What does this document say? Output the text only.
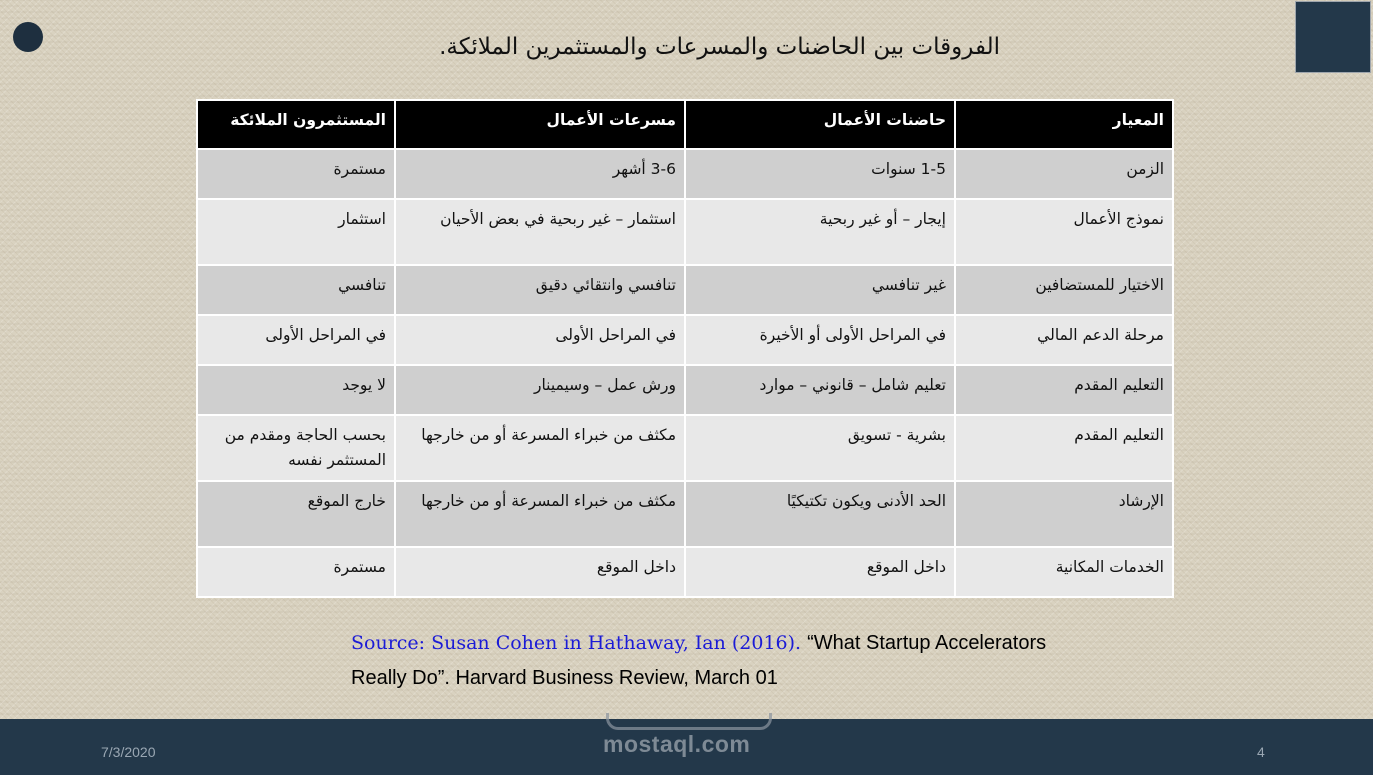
الفروقات بين الحاضنات والمسرعات والمستثمرين الملائكة.
المعيار	حاضنات الأعمال	مسرعات الأعمال	المستثمرون الملائكة
الزمن	1-5 سنوات	3-6 أشهر	مستمرة
نموذج الأعمال	إيجار – أو غير ربحية	استثمار – غير ربحية في بعض الأحيان	استثمار
الاختيار للمستضافين	غير تنافسي	تنافسي وانتقائي دقيق	تنافسي
مرحلة الدعم المالي	في المراحل الأولى أو الأخيرة	في المراحل الأولى	في المراحل الأولى
التعليم المقدم	تعليم شامل – قانوني – موارد	ورش عمل – وسيمينار	لا يوجد
التعليم المقدم	بشرية - تسويق	مكثف من خبراء المسرعة أو من خارجها	بحسب الحاجة ومقدم من المستثمر نفسه
الإرشاد	الحد الأدنى ويكون تكتيكيًا	مكثف من خبراء المسرعة أو من خارجها	خارج الموقع
الخدمات المكانية	داخل الموقع	داخل الموقع	مستمرة
Source: Susan Cohen in Hathaway, Ian (2016). “What Startup Accelerators Really Do”. Harvard Business Review, March 01
mostaql.com
7/3/2020	4
